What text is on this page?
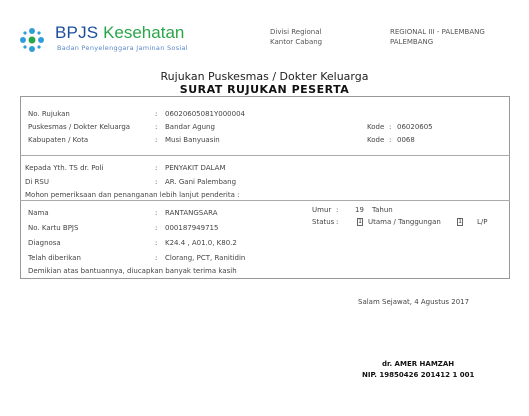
BPJS Kesehatan
Badan Penyelenggara Jaminan Sosial
Divisi Regional
Kantor Cabang
REGIONAL III - PALEMBANG
PALEMBANG
Rujukan Puskesmas / Dokter Keluarga
SURAT RUJUKAN PESERTA
No. Rujukan	: 06020605081Y000004
Puskesmas / Dokter Keluarga	: Bandar Agung	Kode : 06020605
Kabupaten / Kota	: Musi Banyuasin	Kode : 0068
Kepada Yth. TS dr. Poli	: PENYAKIT DALAM
Di RSU	: AR. Gani Palembang
Mohon pemeriksaan dan penanganan lebih lanjut penderita :
Nama	: RANTANGSARA
No. Kartu BPJS	: 000187949715
Diagnosa	: K24.4 , A01.0, K80.2
Telah diberikan	: Clorang, PCT, Ranitidin
Umur : 19 Tahun
Status :	1 Utama / Tanggungan	1 L/P
Demikian atas bantuannya, diucapkan banyak terima kasih
Salam Sejawat, 4 Agustus 2017
dr. AMER HAMZAH
NIP. 19850426 201412 1 001
